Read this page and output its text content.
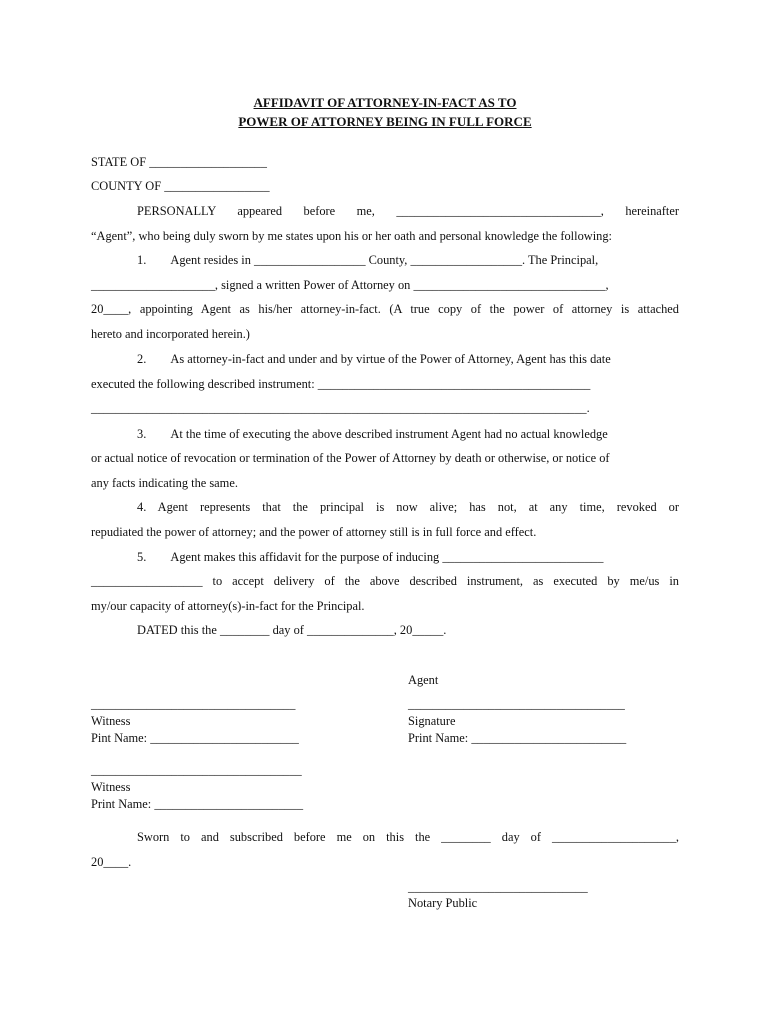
AFFIDAVIT OF ATTORNEY-IN-FACT AS TO
POWER OF ATTORNEY BEING IN FULL FORCE
STATE OF ___________________
COUNTY OF _________________
PERSONALLY appeared before me, _________________________________, hereinafter
“Agent”, who being duly sworn by me states upon his or her oath and personal knowledge the following:
1.        Agent resides in __________________ County, __________________. The Principal,
____________________, signed a written Power of Attorney on _______________________________,
20____, appointing Agent as his/her attorney-in-fact. (A true copy of the power of attorney is attached
hereto and incorporated herein.)
2.        As attorney-in-fact and under and by virtue of the Power of Attorney, Agent has this date
executed the following described instrument: ____________________________________________
________________________________________________________________________________.
3.        At the time of executing the above described instrument Agent had no actual knowledge
or actual notice of revocation or termination of the Power of Attorney by death or otherwise, or notice of
any facts indicating the same.
4. Agent represents that the principal is now alive; has not, at any time, revoked or
repudiated the power of attorney; and the power of attorney still is in full force and effect.
5.        Agent makes this affidavit for the purpose of inducing __________________________
__________________ to accept delivery of the above described instrument, as executed by me/us in
my/our capacity of attorney(s)-in-fact for the Principal.
DATED this the ________ day of ______________, 20_____.
Agent
_________________________________
Witness
Pint Name: ________________________
___________________________________
Signature
Print Name: _________________________
__________________________________
Witness
Print Name: ________________________
Sworn to and subscribed before me on this the ________ day of ____________________,
20____.
_____________________________
Notary Public
